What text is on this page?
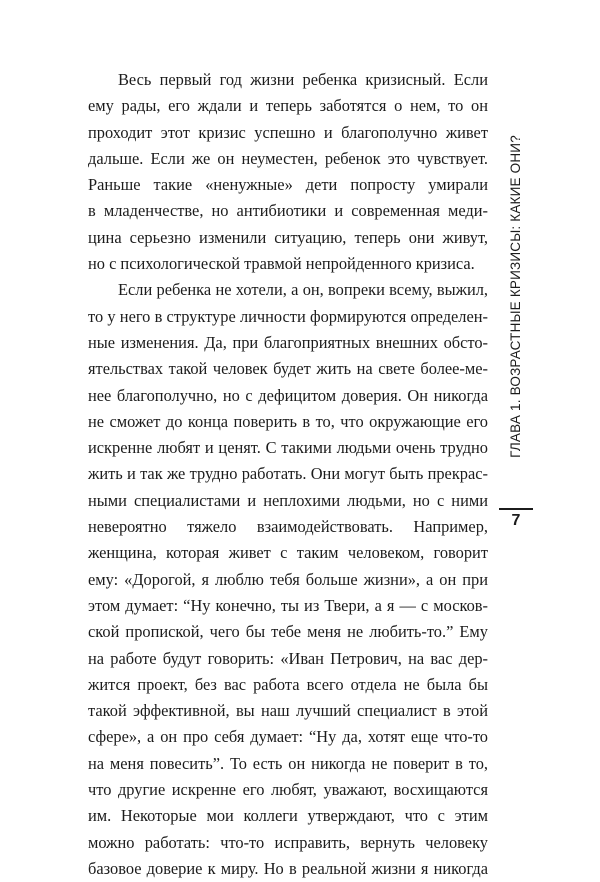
Весь первый год жизни ребенка кризисный. Если
ему рады, его ждали и теперь заботятся о нем, то он
проходит этот кризис успешно и благополучно живет
дальше. Если же он неуместен, ребенок это чувствует.
Раньше такие «ненужные» дети попросту умирали
в младенчестве, но антибиотики и современная меди-
цина серьезно изменили ситуацию, теперь они живут,
но с психологической травмой непройденного кризиса.
Если ребенка не хотели, а он, вопреки всему, выжил,
то у него в структуре личности формируются определен-
ные изменения. Да, при благоприятных внешних обсто-
ятельствах такой человек будет жить на свете более-ме-
нее благополучно, но с дефицитом доверия. Он никогда
не сможет до конца поверить в то, что окружающие его
искренне любят и ценят. С такими людьми очень трудно
жить и так же трудно работать. Они могут быть прекрас-
ными специалистами и неплохими людьми, но с ними
невероятно тяжело взаимодействовать. Например,
женщина, которая живет с таким человеком, говорит
ему: «Дорогой, я люблю тебя больше жизни», а он при
этом думает: “Ну конечно, ты из Твери, а я — с москов-
ской пропиской, чего бы тебе меня не любить-то.” Ему
на работе будут говорить: «Иван Петрович, на вас дер-
жится проект, без вас работа всего отдела не была бы
такой эффективной, вы наш лучший специалист в этой
сфере», а он про себя думает: “Ну да, хотят еще что-то
на меня повесить”. То есть он никогда не поверит в то,
что другие искренне его любят, уважают, восхищаются
им. Некоторые мои коллеги утверждают, что с этим
можно работать: что-то исправить, вернуть человеку
базовое доверие к миру. Но в реальной жизни я никогда
ГЛАВА 1. ВОЗРАСТНЫЕ КРИЗИСЫ: КАКИЕ ОНИ?
7
